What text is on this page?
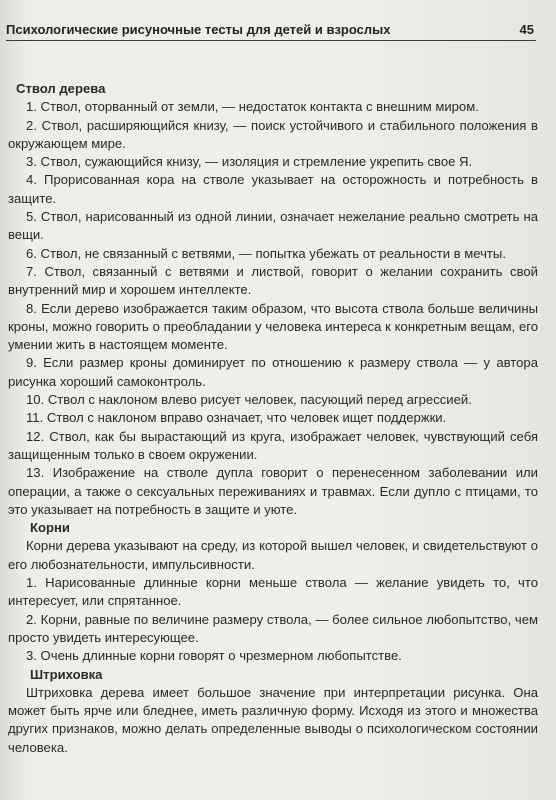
Психологические рисуночные тесты для детей и взрослых	45
Ствол дерева

1. Ствол, оторванный от земли, — недостаток контакта с внешним миром.

2. Ствол, расширяющийся книзу, — поиск устойчивого и стабильного положения в окружающем мире.

3. Ствол, сужающийся книзу, — изоляция и стремление укрепить свое Я.

4. Прорисованная кора на стволе указывает на осторожность и потребность в защите.

5. Ствол, нарисованный из одной линии, означает нежелание реально смотреть на вещи.

6. Ствол, не связанный с ветвями, — попытка убежать от реальности в мечты.

7. Ствол, связанный с ветвями и листвой, говорит о желании сохранить свой внутренний мир и хорошем интеллекте.

8. Если дерево изображается таким образом, что высота ствола больше величины кроны, можно говорить о преобладании у человека интереса к конкретным вещам, его умении жить в настоящем моменте.

9. Если размер кроны доминирует по отношению к размеру ствола — у автора рисунка хороший самоконтроль.

10. Ствол с наклоном влево рисует человек, пасующий перед агрессией.

11. Ствол с наклоном вправо означает, что человек ищет поддержки.

12. Ствол, как бы вырастающий из круга, изображает человек, чувствующий себя защищенным только в своем окружении.

13. Изображение на стволе дупла говорит о перенесенном заболевании или операции, а также о сексуальных переживаниях и травмах. Если дупло с птицами, то это указывает на потребность в защите и уюте.

Корни

Корни дерева указывают на среду, из которой вышел человек, и свидетельствуют о его любознательности, импульсивности.

1. Нарисованные длинные корни меньше ствола — желание увидеть то, что интересует, или спрятанное.

2. Корни, равные по величине размеру ствола, — более сильное любопытство, чем просто увидеть интересующее.

3. Очень длинные корни говорят о чрезмерном любопытстве.

Штриховка

Штриховка дерева имеет большое значение при интерпретации рисунка. Она может быть ярче или бледнее, иметь различную форму. Исходя из этого и множества других признаков, можно делать определенные выводы о психологическом состоянии человека.
